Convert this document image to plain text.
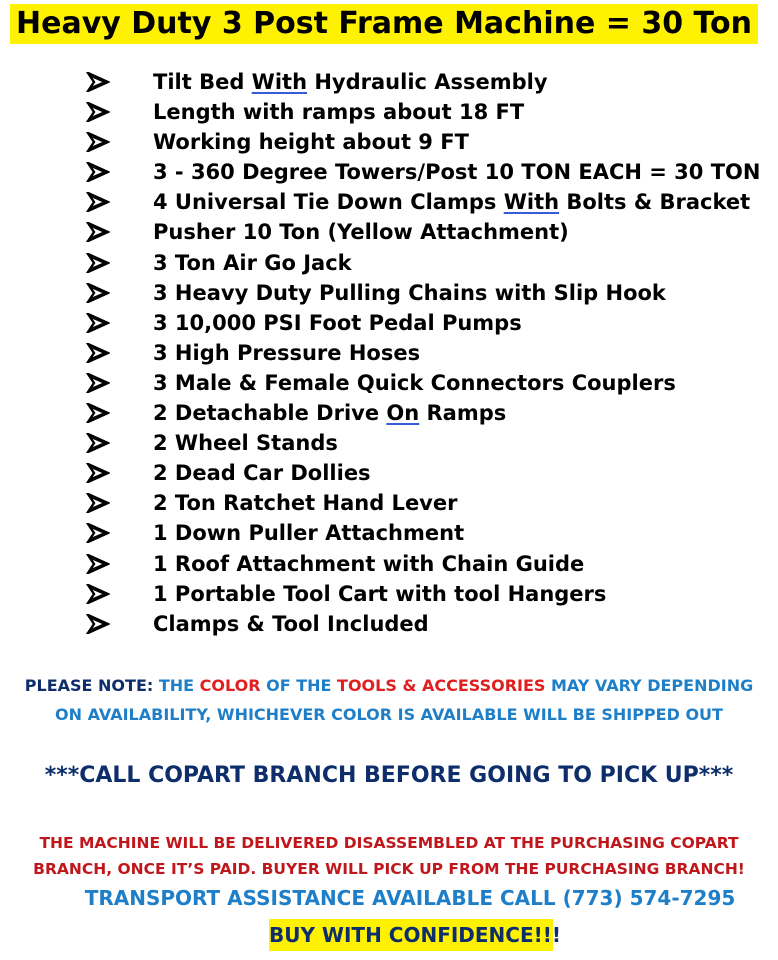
Heavy Duty 3 Post Frame Machine = 30 Ton
Tilt Bed With Hydraulic Assembly
Length with ramps about 18 FT
Working height about 9 FT
3 - 360 Degree Towers/Post 10 TON EACH = 30 TON
4 Universal Tie Down Clamps With Bolts & Bracket
Pusher 10 Ton (Yellow Attachment)
3 Ton Air Go Jack
3 Heavy Duty Pulling Chains with Slip Hook
3 10,000 PSI Foot Pedal Pumps
3 High Pressure Hoses
3 Male & Female Quick Connectors Couplers
2 Detachable Drive On Ramps
2 Wheel Stands
2 Dead Car Dollies
2 Ton Ratchet Hand Lever
1 Down Puller Attachment
1 Roof Attachment with Chain Guide
1 Portable Tool Cart with tool Hangers
Clamps & Tool Included
PLEASE NOTE: THE COLOR OF THE TOOLS & ACCESSORIES MAY VARY DEPENDING
ON AVAILABILITY, WHICHEVER COLOR IS AVAILABLE WILL BE SHIPPED OUT
***CALL COPART BRANCH BEFORE GOING TO PICK UP***
THE MACHINE WILL BE DELIVERED DISASSEMBLED AT THE PURCHASING COPART
BRANCH, ONCE IT’S PAID. BUYER WILL PICK UP FROM THE PURCHASING BRANCH!
TRANSPORT ASSISTANCE AVAILABLE CALL (773) 574-7295
BUY WITH CONFIDENCE!!!
